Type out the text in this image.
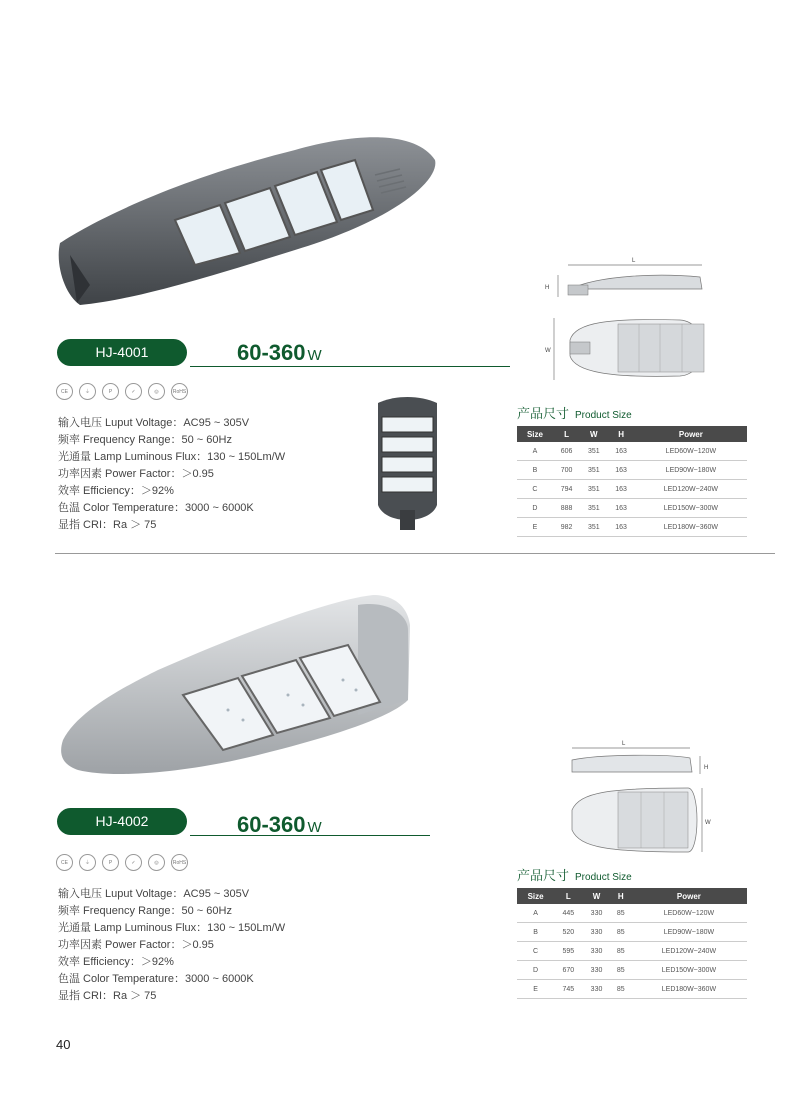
L
H
W
HJ-4001	60-360 W
CE	⏚	P	✓	◎	RoHS
输入电压 Luput Voltage：AC95 ~ 305V
频率 Frequency Range：50 ~ 60Hz
光通量 Lamp Luminous Flux：130 ~ 150Lm/W
功率因素 Power Factor：＞0.95
效率 Efficiency：＞92%
色温 Color Temperature：3000 ~ 6000K
显指 CRI：Ra ＞ 75
产品尺寸 Product Size
Size	L	W	H	Power
A	606	351	163	LED60W~120W
B	700	351	163	LED90W~180W
C	794	351	163	LED120W~240W
D	888	351	163	LED150W~300W
E	982	351	163	LED180W~360W
L
H
W
HJ-4002	60-360 W
CE	⏚	P	✓	◎	RoHS
输入电压 Luput Voltage：AC95 ~ 305V
频率 Frequency Range：50 ~ 60Hz
光通量 Lamp Luminous Flux：130 ~ 150Lm/W
功率因素 Power Factor：＞0.95
效率 Efficiency：＞92%
色温 Color Temperature：3000 ~ 6000K
显指 CRI：Ra ＞ 75
产品尺寸 Product Size
Size	L	W	H	Power
A	445	330	85	LED60W~120W
B	520	330	85	LED90W~180W
C	595	330	85	LED120W~240W
D	670	330	85	LED150W~300W
E	745	330	85	LED180W~360W
40
